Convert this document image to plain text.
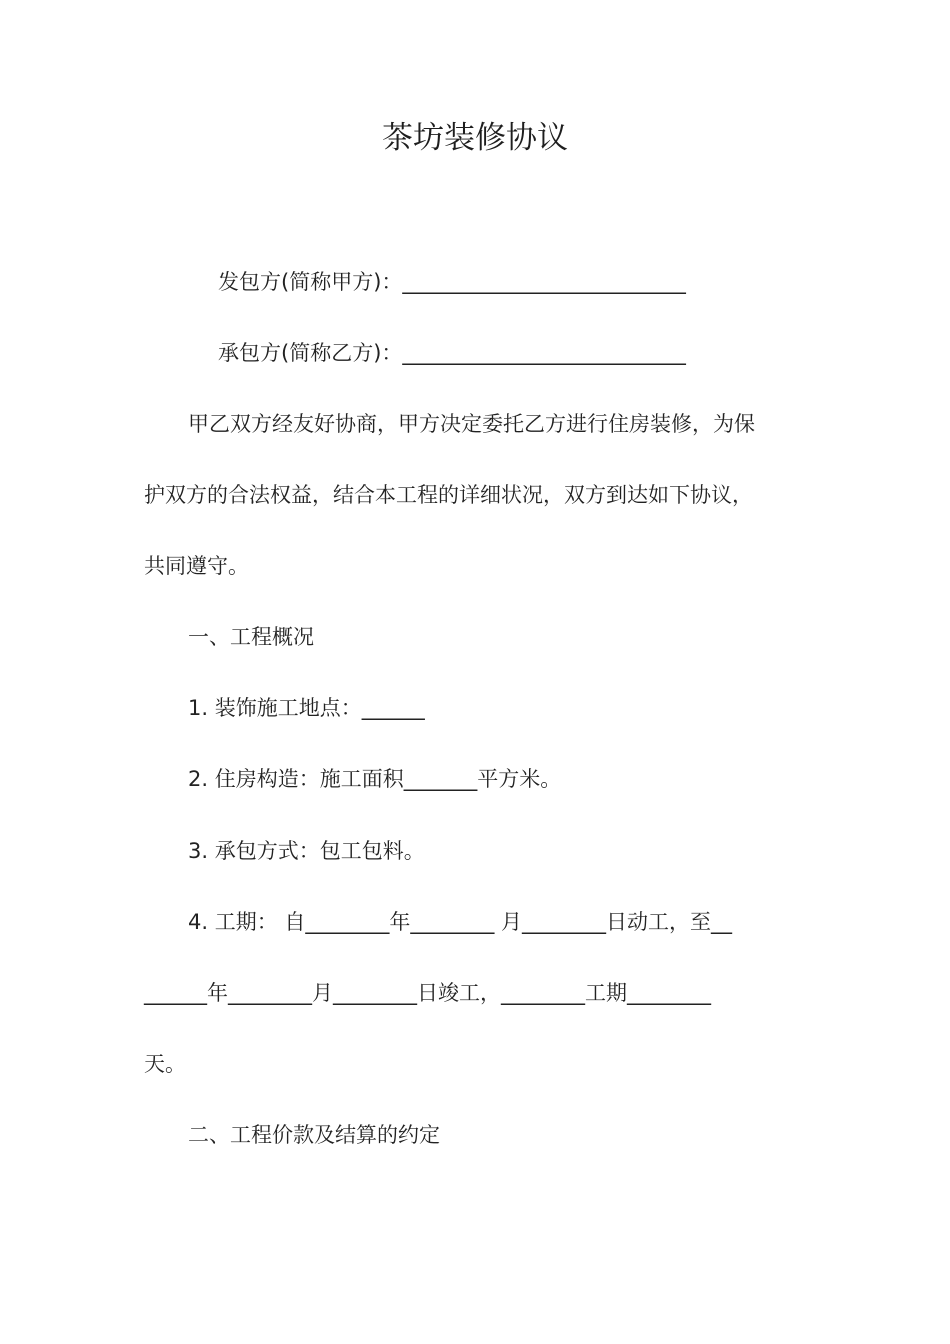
茶坊装修协议
发包方(简称甲方)：___________________________
承包方(简称乙方)：___________________________
甲乙双方经友好协商，甲方决定委托乙方进行住房装修，为保
护双方的合法权益，结合本工程的详细状况，双方到达如下协议，
共同遵守。
一、工程概况
1. 装饰施工地点：______
2. 住房构造：施工面积_______平方米。
3. 承包方式：包工包料。
4. 工期： 自________年________ 月________日动工，至__
______年________月________日竣工，________工期________
天。
二、工程价款及结算的约定
